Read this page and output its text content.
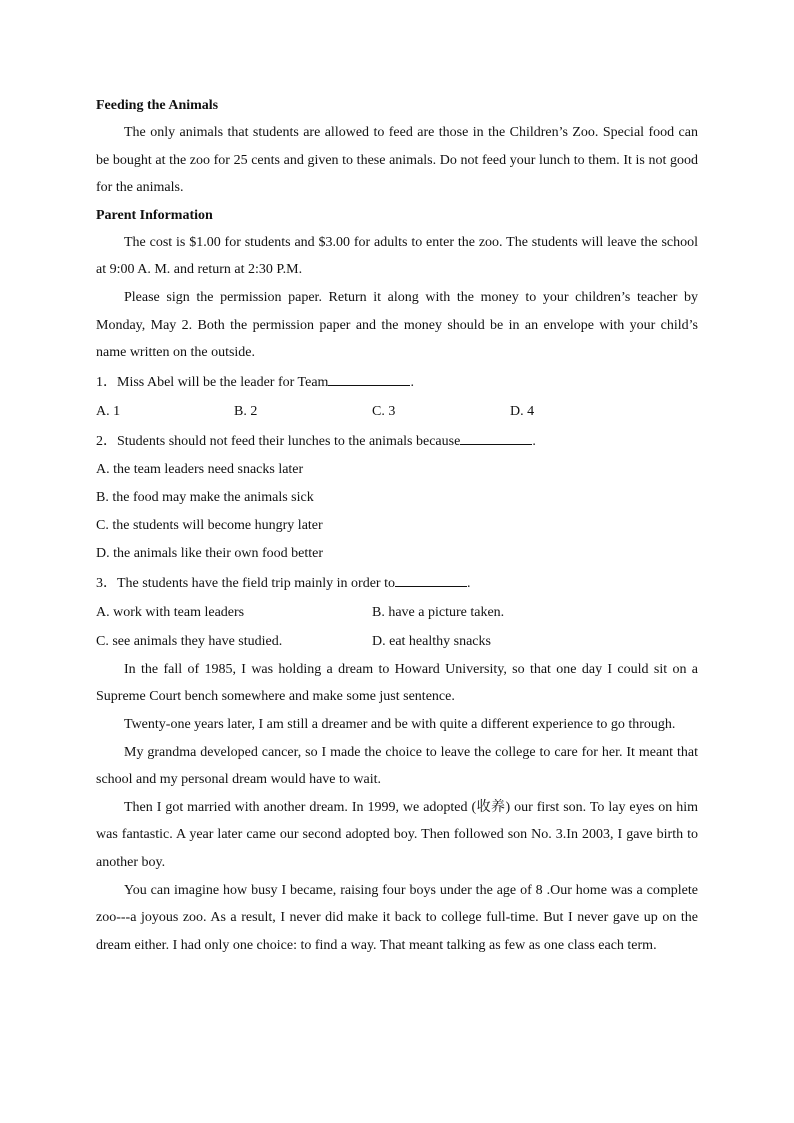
Feeding the Animals

The only animals that students are allowed to feed are those in the Children’s Zoo. Special food can be bought at the zoo for 25 cents and given to these animals. Do not feed your lunch to them. It is not good for the animals.

Parent Information

The cost is $1.00 for students and $3.00 for adults to enter the zoo. The students will leave the school at 9:00 A. M. and return at 2:30 P.M.

Please sign the permission paper. Return it along with the money to your children’s teacher by Monday, May 2. Both the permission paper and the money should be in an envelope with your child’s name written on the outside.

1．Miss Abel will be the leader for Team	.
A. 1	B. 2	C. 3	D. 4
2．Students should not feed their lunches to the animals because	.
A. the team leaders need snacks later
B. the food may make the animals sick
C. the students will become hungry later
D. the animals like their own food better
3．The students have the field trip mainly in order to	.
A. work with team leaders	B. have a picture taken.
C. see animals they have studied.	D. eat healthy snacks

In the fall of 1985, I was holding a dream to Howard University, so that one day I could sit on a Supreme Court bench somewhere and make some just sentence.

Twenty-one years later, I am still a dreamer and be with quite a different experience to go through.

My grandma developed cancer, so I made the choice to leave the college to care for her. It meant that school and my personal dream would have to wait.

Then I got married with another dream. In 1999, we adopted (收养) our first son. To lay eyes on him was fantastic. A year later came our second adopted boy. Then followed son No. 3.In 2003, I gave birth to another boy.

You can imagine how busy I became, raising four boys under the age of 8 .Our home was a complete zoo---a joyous zoo. As a result, I never did make it back to college full-time. But I never gave up on the dream either. I had only one choice: to find a way. That meant talking as few as one class each term.
